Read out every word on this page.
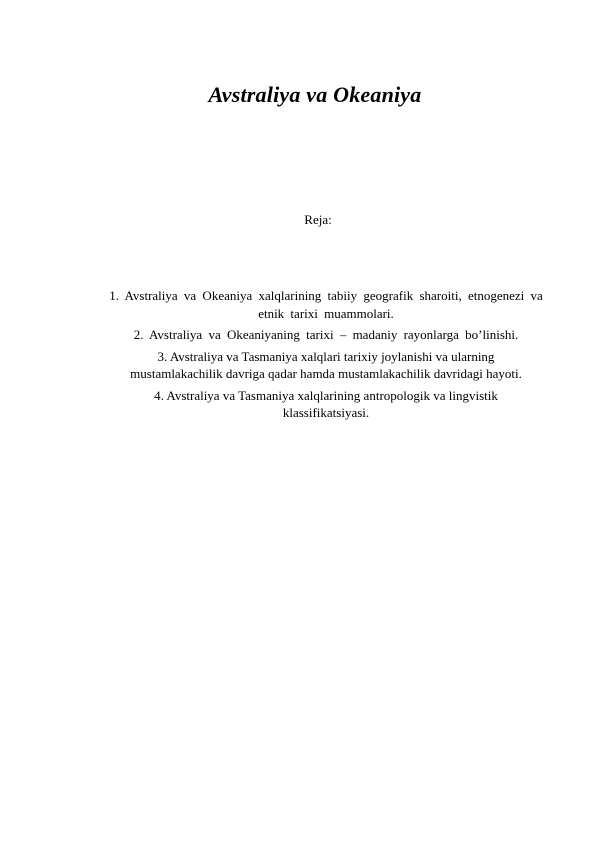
Avstraliya va Okeaniya
Reja:
1. Avstraliya va Okeaniya xalqlarining tabiiy geografik sharoiti, etnogenezi va
etnik tarixi muammolari.
2. Avstraliya va Okeaniyaning tarixi – madaniy rayonlarga bo’linishi.
3. Avstraliya va Tasmaniya xalqlari tarixiy joylanishi va ularning
mustamlakachilik davriga qadar hamda mustamlakachilik davridagi hayoti.
4. Avstraliya va Tasmaniya xalqlarining antropologik va lingvistik
klassifikatsiyasi.
